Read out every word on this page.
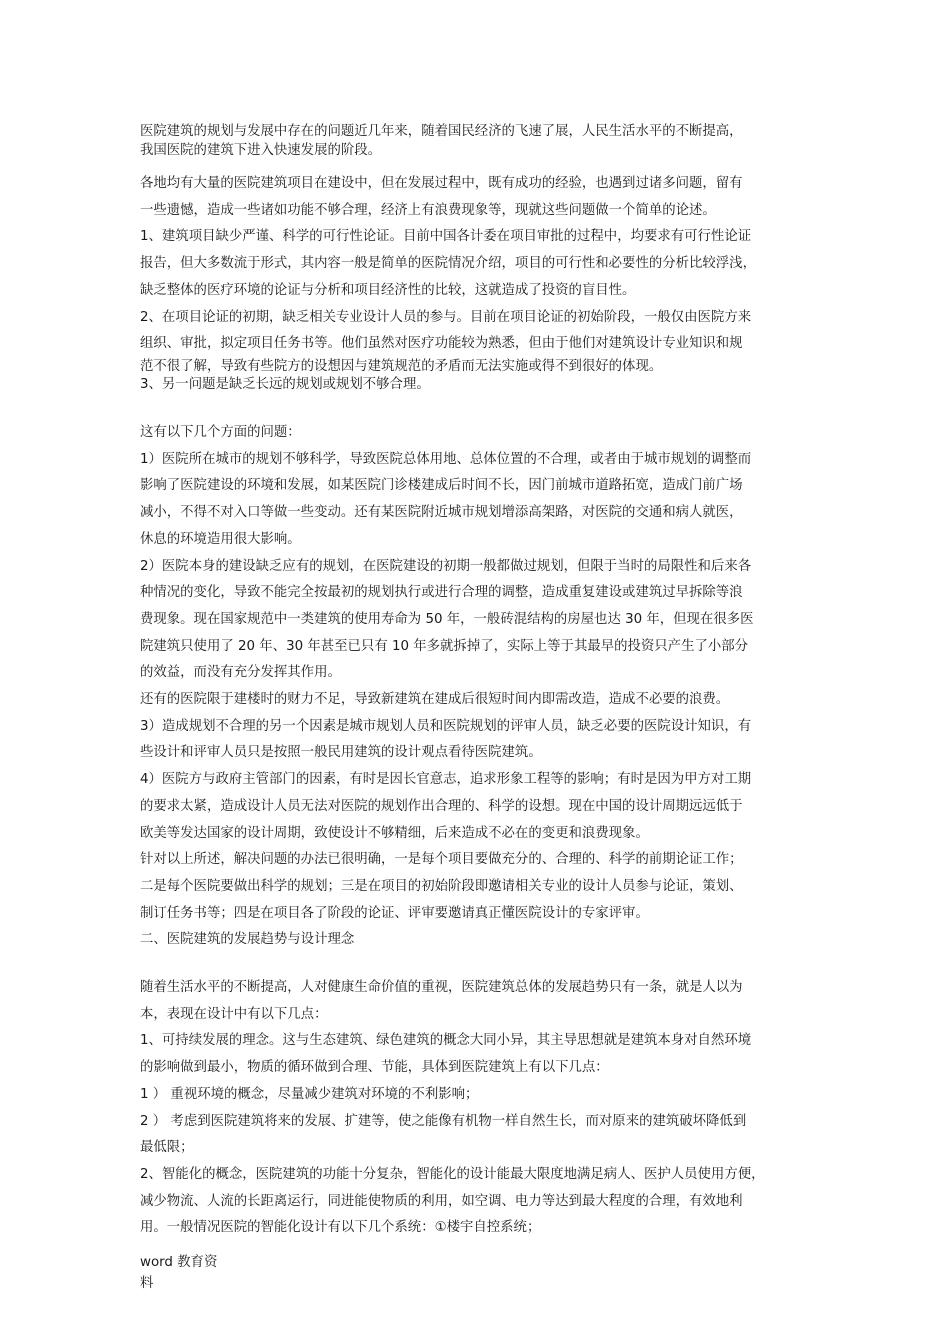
医院建筑的规划与发展中存在的问题近几年来，随着国民经济的飞速了展，人民生活水平的不断提高，
我国医院的建筑下进入快速发展的阶段。
各地均有大量的医院建筑项目在建设中，但在发展过程中，既有成功的经验，也遇到过诸多问题，留有
一些遗憾，造成一些诸如功能不够合理，经济上有浪费现象等，现就这些问题做一个简单的论述。
1、建筑项目缺少严谨、科学的可行性论证。目前中国各计委在项目审批的过程中，均要求有可行性论证
报告，但大多数流于形式，其内容一般是简单的医院情况介绍，项目的可行性和必要性的分析比较浮浅，
缺乏整体的医疗环境的论证与分析和项目经济性的比较，这就造成了投资的盲目性。
2、在项目论证的初期，缺乏相关专业设计人员的参与。目前在项目论证的初始阶段，一般仅由医院方来
组织、审批，拟定项目任务书等。他们虽然对医疗功能较为熟悉，但由于他们对建筑设计专业知识和规
范不很了解，导致有些院方的设想因与建筑规范的矛盾而无法实施或得不到很好的体现。
3、另一问题是缺乏长远的规划或规划不够合理。
这有以下几个方面的问题：
1）医院所在城市的规划不够科学，导致医院总体用地、总体位置的不合理，或者由于城市规划的调整而
影响了医院建设的环境和发展，如某医院门诊楼建成后时间不长，因门前城市道路拓宽，造成门前广场
减小，不得不对入口等做一些变动。还有某医院附近城市规划增添高架路，对医院的交通和病人就医，
休息的环境造用很大影响。
2）医院本身的建设缺乏应有的规划，在医院建设的初期一般都做过规划，但限于当时的局限性和后来各
种情况的变化，导致不能完全按最初的规划执行或进行合理的调整，造成重复建设或建筑过早拆除等浪
费现象。现在国家规范中一类建筑的使用寿命为 50 年，一般砖混结构的房屋也达 30 年，但现在很多医
院建筑只使用了 20 年、30 年甚至已只有 10 年多就拆掉了，实际上等于其最早的投资只产生了小部分
的效益，而没有充分发挥其作用。
还有的医院限于建楼时的财力不足，导致新建筑在建成后很短时间内即需改造，造成不必要的浪费。
3）造成规划不合理的另一个因素是城市规划人员和医院规划的评审人员，缺乏必要的医院设计知识，有
些设计和评审人员只是按照一般民用建筑的设计观点看待医院建筑。
4）医院方与政府主管部门的因素，有时是因长官意志，追求形象工程等的影响；有时是因为甲方对工期
的要求太紧，造成设计人员无法对医院的规划作出合理的、科学的设想。现在中国的设计周期远远低于
欧美等发达国家的设计周期，致使设计不够精细，后来造成不必在的变更和浪费现象。
针对以上所述，解决问题的办法已很明确，一是每个项目要做充分的、合理的、科学的前期论证工作；
二是每个医院要做出科学的规划；三是在项目的初始阶段即邀请相关专业的设计人员参与论证，策划、
制订任务书等；四是在项目各了阶段的论证、评审要邀请真正懂医院设计的专家评审。
二、医院建筑的发展趋势与设计理念
随着生活水平的不断提高，人对健康生命价值的重视，医院建筑总体的发展趋势只有一条，就是人以为
本，表现在设计中有以下几点：
1、可持续发展的理念。这与生态建筑、绿色建筑的概念大同小异，其主导思想就是建筑本身对自然环境
的影响做到最小，物质的循环做到合理、节能，具体到医院建筑上有以下几点：
1 ） 重视环境的概念，尽量减少建筑对环境的不利影响；
2 ） 考虑到医院建筑将来的发展、扩建等，使之能像有机物一样自然生长，而对原来的建筑破坏降低到
最低限；
2、智能化的概念，医院建筑的功能十分复杂，智能化的设计能最大限度地满足病人、医护人员使用方便，
减少物流、人流的长距离运行，同进能使物质的利用，如空调、电力等达到最大程度的合理，有效地利
用。一般情况医院的智能化设计有以下几个系统：①楼宇自控系统；
word 教育资
料
